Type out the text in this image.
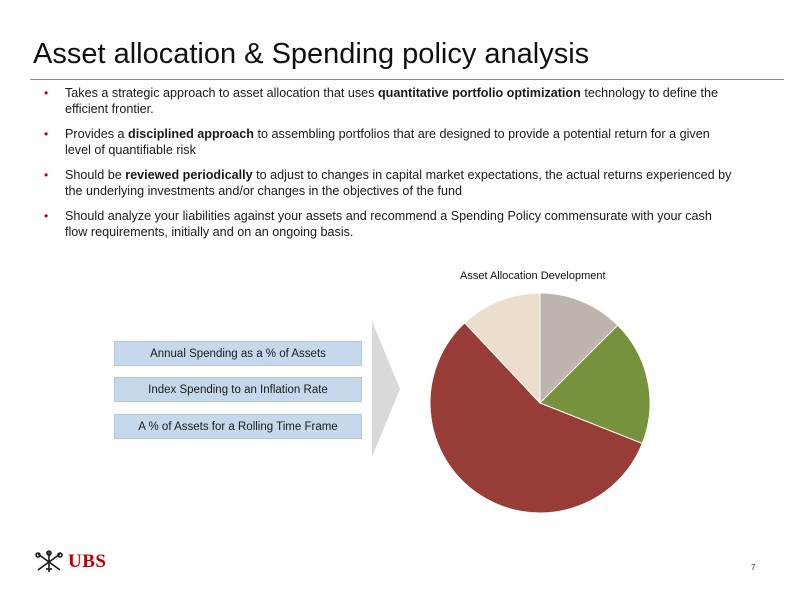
Asset allocation & Spending policy analysis
• Takes a strategic approach to asset allocation that uses quantitative portfolio optimization technology to define the efficient frontier.
• Provides a disciplined approach to assembling portfolios that are designed to provide a potential return for a given level of quantifiable risk
• Should be reviewed periodically to adjust to changes in capital market expectations, the actual returns experienced by the underlying investments and/or changes in the objectives of the fund
• Should analyze your liabilities against your assets and recommend a Spending Policy commensurate with your cash flow requirements, initially and on an ongoing basis.
Asset Allocation Development
Annual Spending as a % of Assets
Index Spending to an Inflation Rate
A % of Assets for a Rolling Time Frame
UBS	7
